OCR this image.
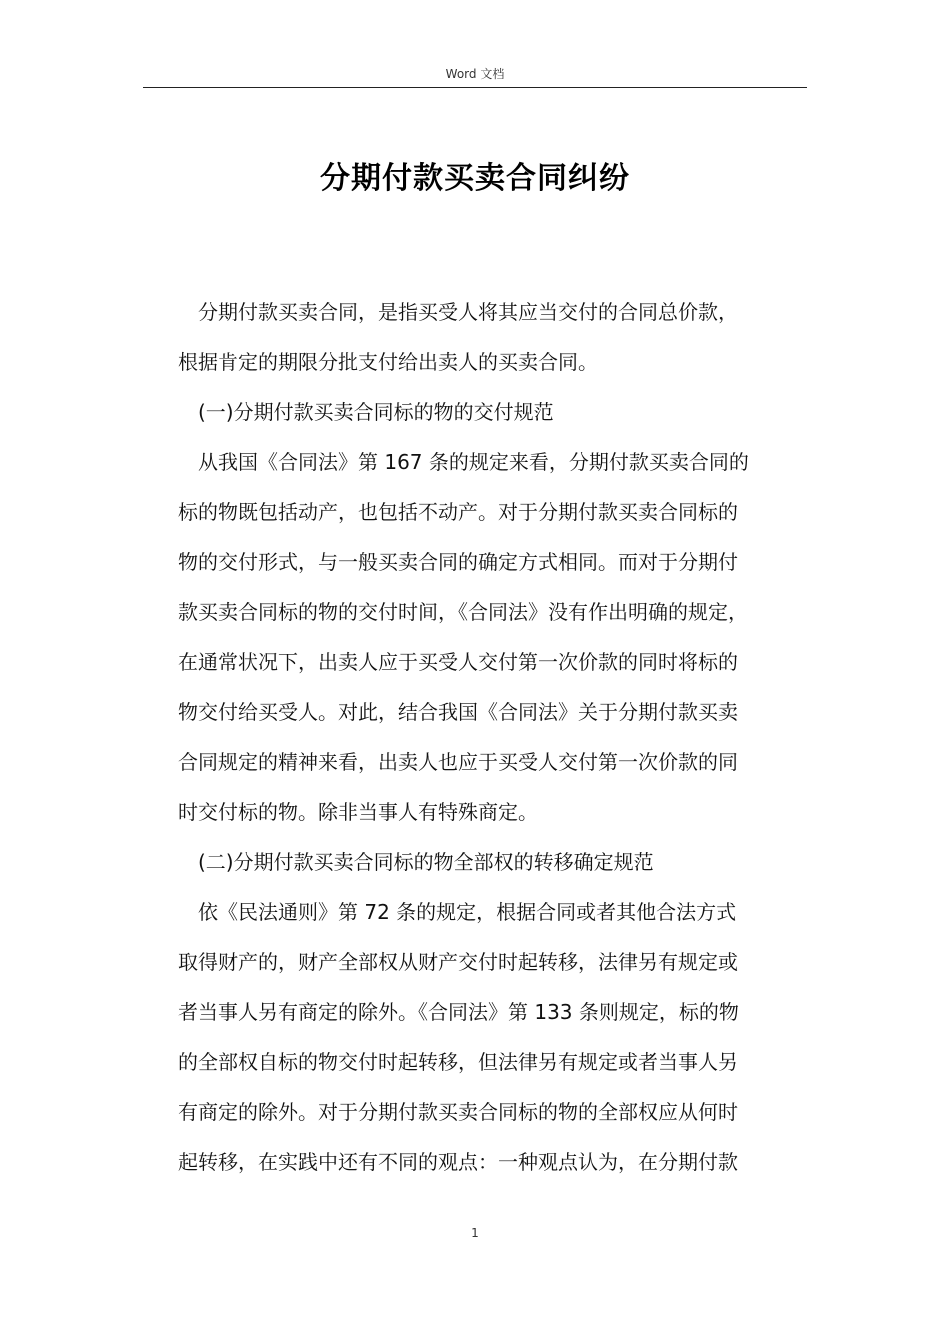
Word 文档
分期付款买卖合同纠纷
分期付款买卖合同，是指买受人将其应当交付的合同总价款，
根据肯定的期限分批支付给出卖人的买卖合同。
(一)分期付款买卖合同标的物的交付规范
从我国《合同法》第 167 条的规定来看，分期付款买卖合同的
标的物既包括动产，也包括不动产。对于分期付款买卖合同标的
物的交付形式，与一般买卖合同的确定方式相同。而对于分期付
款买卖合同标的物的交付时间，《合同法》没有作出明确的规定，
在通常状况下，出卖人应于买受人交付第一次价款的同时将标的
物交付给买受人。对此，结合我国《合同法》关于分期付款买卖
合同规定的精神来看，出卖人也应于买受人交付第一次价款的同
时交付标的物。除非当事人有特殊商定。
(二)分期付款买卖合同标的物全部权的转移确定规范
依《民法通则》第 72 条的规定，根据合同或者其他合法方式
取得财产的，财产全部权从财产交付时起转移，法律另有规定或
者当事人另有商定的除外。《合同法》第 133 条则规定，标的物
的全部权自标的物交付时起转移，但法律另有规定或者当事人另
有商定的除外。对于分期付款买卖合同标的物的全部权应从何时
起转移，在实践中还有不同的观点：一种观点认为，在分期付款
1
